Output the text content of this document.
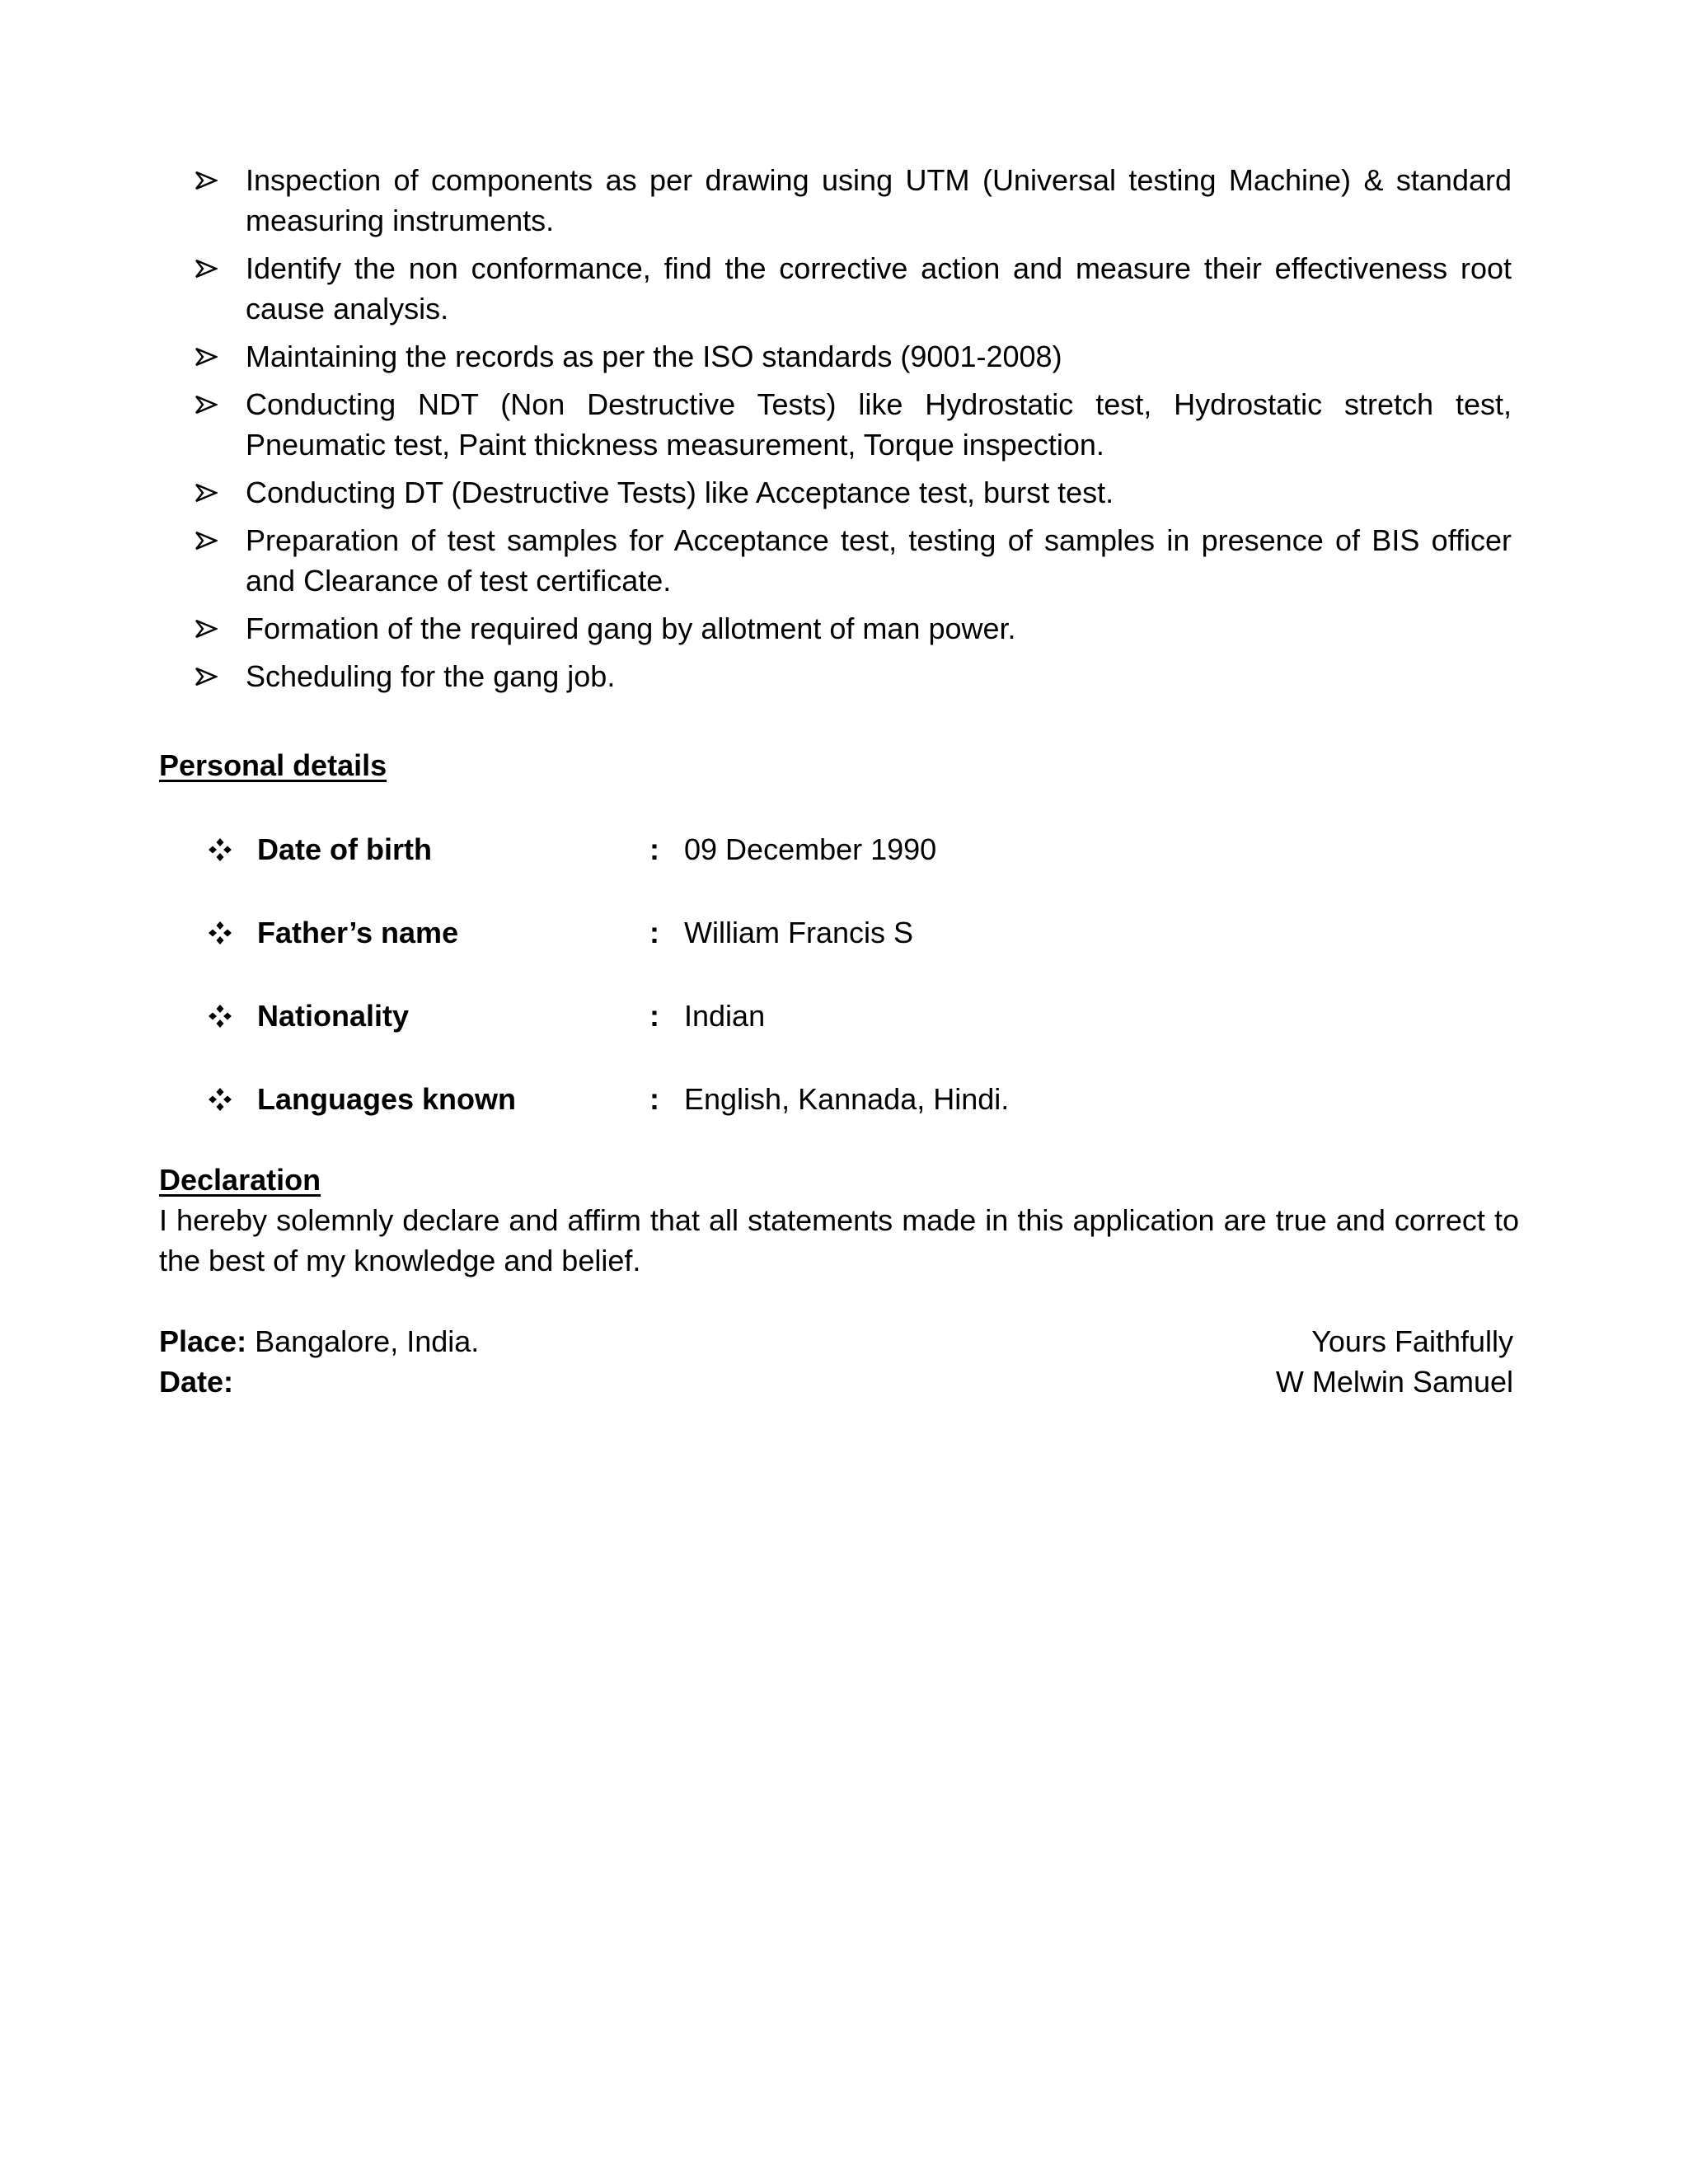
Inspection of components as per drawing using UTM (Universal testing Machine) & standard measuring instruments.
Identify the non conformance, find the corrective action and measure their effectiveness root cause analysis.
Maintaining the records as per the ISO standards (9001-2008)
Conducting NDT (Non Destructive Tests) like Hydrostatic test, Hydrostatic stretch test, Pneumatic test, Paint thickness measurement, Torque inspection.
Conducting DT (Destructive Tests) like Acceptance test, burst test.
Preparation of test samples for Acceptance test, testing of samples in presence of BIS officer and Clearance of test certificate.
Formation of the required gang by allotment of man power.
Scheduling for the gang job.
Personal details
Date of birth	: 09 December 1990
Father’s name	: William Francis S
Nationality	: Indian
Languages known	: English, Kannada, Hindi.
Declaration
I hereby solemnly declare and affirm that all statements made in this application are true and correct to the best of my knowledge and belief.
Place: Bangalore, India.
Date:
Yours Faithfully
W Melwin Samuel
